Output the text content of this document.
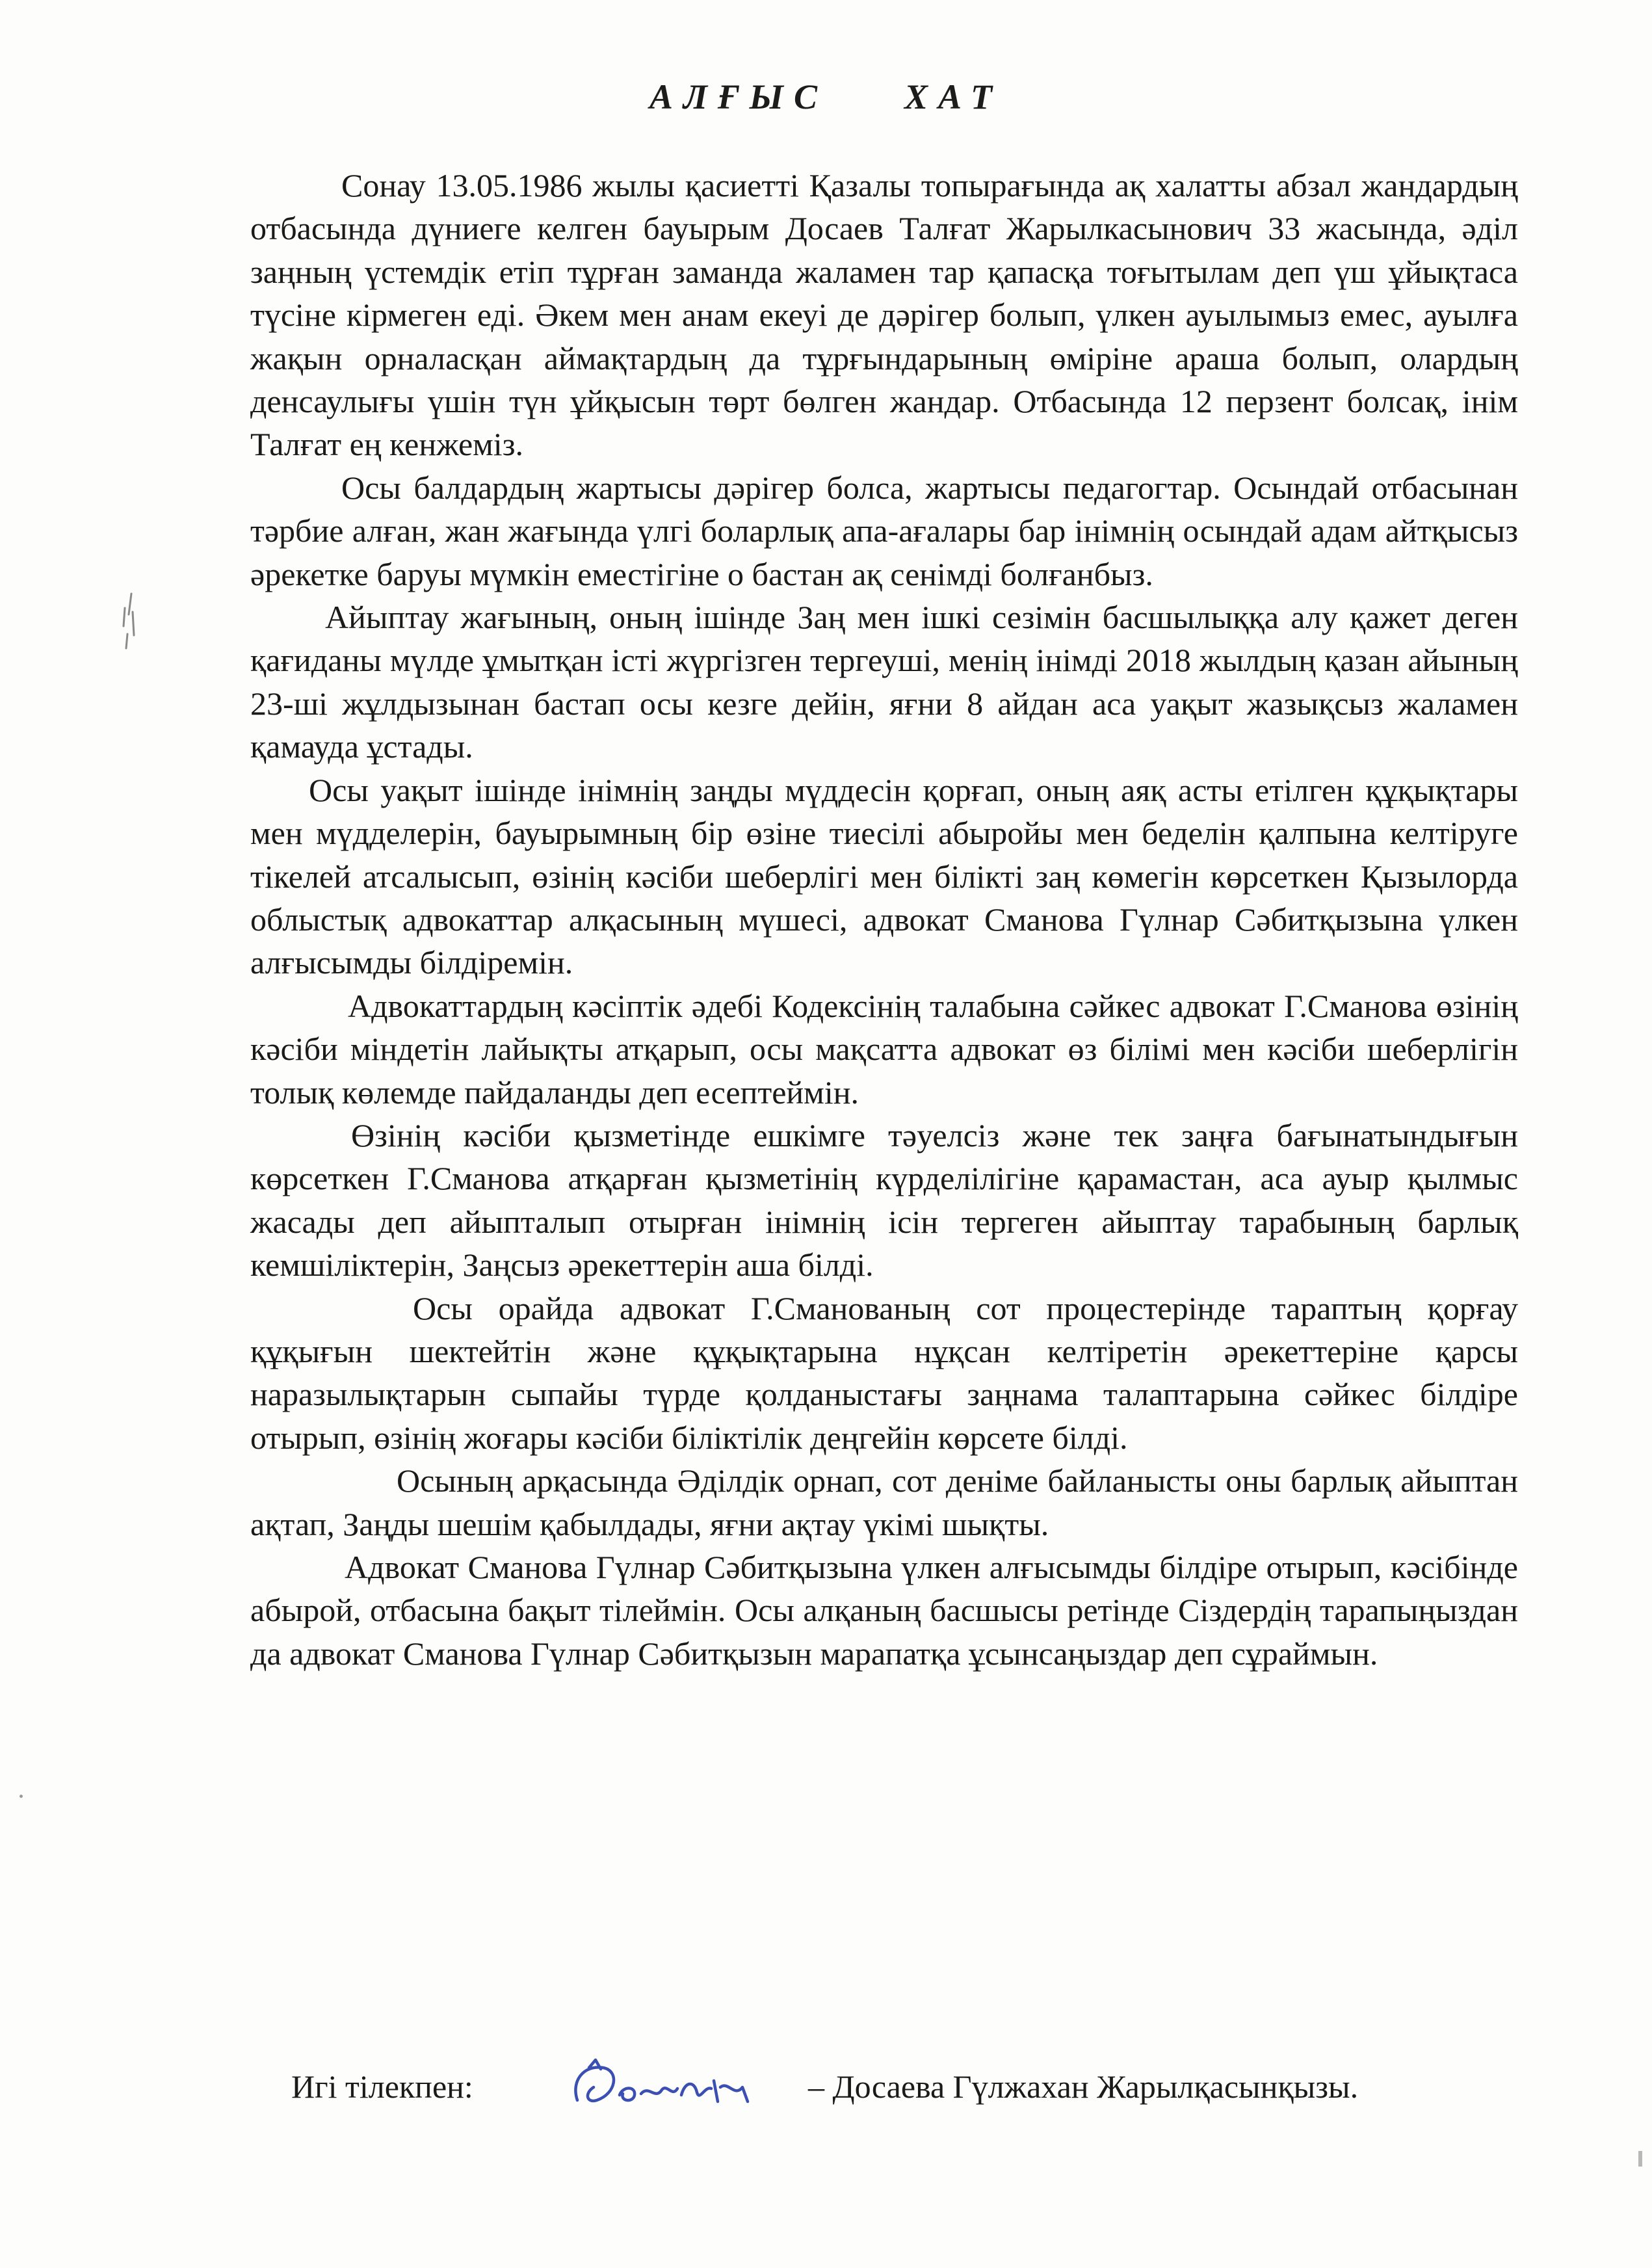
АЛҒЫС    ХАТ

Сонау 13.05.1986 жылы қасиетті Қазалы топырағында ақ халатты абзал жандардың отбасында дүниеге келген бауырым Досаев Талғат Жарылкасынович 33 жасында, әділ заңның үстемдік етіп тұрған заманда жаламен тар қапасқа тоғытылам деп үш ұйықтаса түсіне кірмеген еді. Әкем мен анам екеуі де дәрігер болып, үлкен ауылымыз емес, ауылға жақын орналасқан аймақтардың да тұрғындарының өміріне араша болып, олардың денсаулығы үшін түн ұйқысын төрт бөлген жандар. Отбасында 12 перзент болсақ, інім Талғат ең кенжеміз.

Осы балдардың жартысы дәрігер болса, жартысы педагогтар. Осындай отбасынан тәрбие алған, жан жағында үлгі боларлық апа-ағалары бар інімнің осындай адам айтқысыз әрекетке баруы мүмкін еместігіне о бастан ақ сенімді болғанбыз.

Айыптау жағының, оның ішінде Заң мен ішкі сезімін басшылыққа алу қажет деген қағиданы мүлде ұмытқан істі жүргізген тергеуші, менің інімді 2018 жылдың қазан айының 23-ші жұлдызынан бастап осы кезге дейін, яғни 8 айдан аса уақыт жазықсыз жаламен қамауда ұстады.

Осы уақыт ішінде інімнің заңды мүддесін қорғап, оның аяқ асты етілген құқықтары мен мүдделерін, бауырымның бір өзіне тиесілі абыройы мен беделін қалпына келтіруге тікелей атсалысып, өзінің кәсіби шеберлігі мен білікті заң көмегін көрсеткен Қызылорда облыстық адвокаттар алқасының мүшесі, адвокат Сманова Гүлнар Сәбитқызына үлкен алғысымды білдіремін.

Адвокаттардың кәсіптік әдебі Кодексінің талабына сәйкес адвокат Г.Сманова өзінің кәсіби міндетін лайықты атқарып, осы мақсатта адвокат өз білімі мен кәсіби шеберлігін толық көлемде пайдаланды деп есептеймін.

Өзінің кәсіби қызметінде ешкімге тәуелсіз және тек заңға бағынатындығын көрсеткен Г.Сманова атқарған қызметінің күрделілігіне қарамастан, аса ауыр қылмыс жасады деп айыпталып отырған інімнің ісін тергеген айыптау тарабының барлық кемшіліктерін, Заңсыз әрекеттерін аша білді.

Осы орайда адвокат Г.Сманованың сот процестерінде тараптың қорғау құқығын шектейтін және құқықтарына нұқсан келтіретін әрекеттеріне қарсы наразылықтарын сыпайы түрде қолданыстағы заңнама талаптарына сәйкес білдіре отырып, өзінің жоғары кәсіби біліктілік деңгейін көрсете білді.

Осының арқасында Әділдік орнап, сот деніме байланысты оны барлық айыптан ақтап, Заңды шешім қабылдады, яғни ақтау үкімі шықты.

Адвокат Сманова Гүлнар Сәбитқызына үлкен алғысымды білдіре отырып, кәсібінде абырой, отбасына бақыт тілеймін. Осы алқаның басшысы ретінде Сіздердің тарапыңыздан да адвокат Сманова Гүлнар Сәбитқызын марапатқа ұсынсаңыздар деп сұраймын.

Игі тілекпен:	– Досаева Гүлжахан Жарылқасынқызы.
